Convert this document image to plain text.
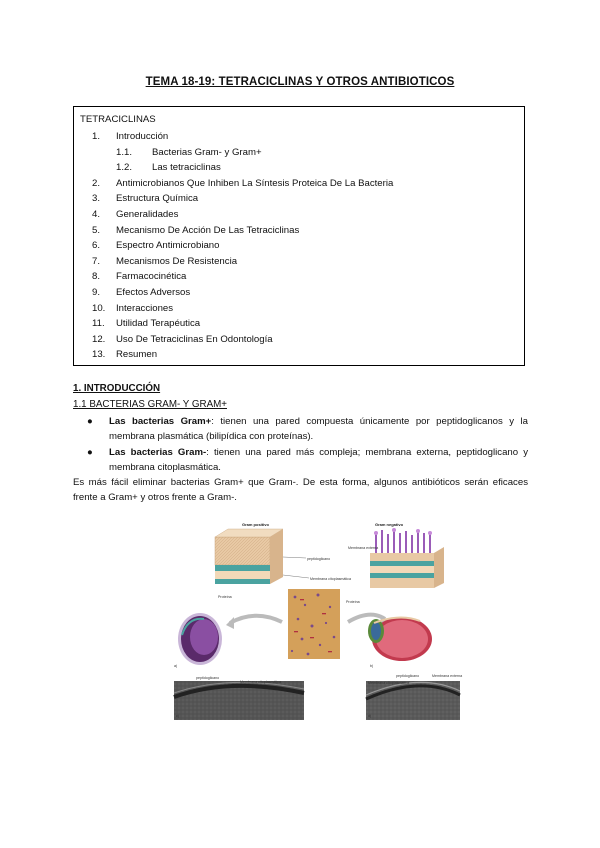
TEMA 18-19: TETRACICLINAS Y OTROS ANTIBIOTICOS
TETRACICLINAS
1. Introducción
1.1. Bacterias Gram- y Gram+
1.2. Las tetraciclinas
2. Antimicrobianos Que Inhiben La Síntesis Proteica De La Bacteria
3. Estructura Química
4. Generalidades
5. Mecanismo De Acción De Las Tetraciclinas
6. Espectro Antimicrobiano
7. Mecanismos De Resistencia
8. Farmacocinética
9. Efectos Adversos
10. Interacciones
11. Utilidad Terapéutica
12. Uso De Tetraciclinas En Odontología
13. Resumen
1. INTRODUCCIÓN
1.1 BACTERIAS GRAM- Y GRAM+
● Las bacterias Gram+: tienen una pared compuesta únicamente por peptidoglicanos y la membrana plasmática (bilipídica con proteínas).
● Las bacterias Gram-: tienen una pared más compleja; membrana externa, peptidoglicano y membrana citoplasmática.
Es más fácil eliminar bacterias Gram+ que Gram-. De esta forma, algunos antibióticos serán eficaces frente a Gram+ y otros frente a Gram-.
Gram positivo
Proteína
peptidoglicano
Membrana citoplasmática
Gram negativo
Membrana externa
Proteína
a)	b)
peptidoglicano
Membrana citoplasmática
c)
peptidoglicano
Membrana citoplasmática
Membrana externa
d)
